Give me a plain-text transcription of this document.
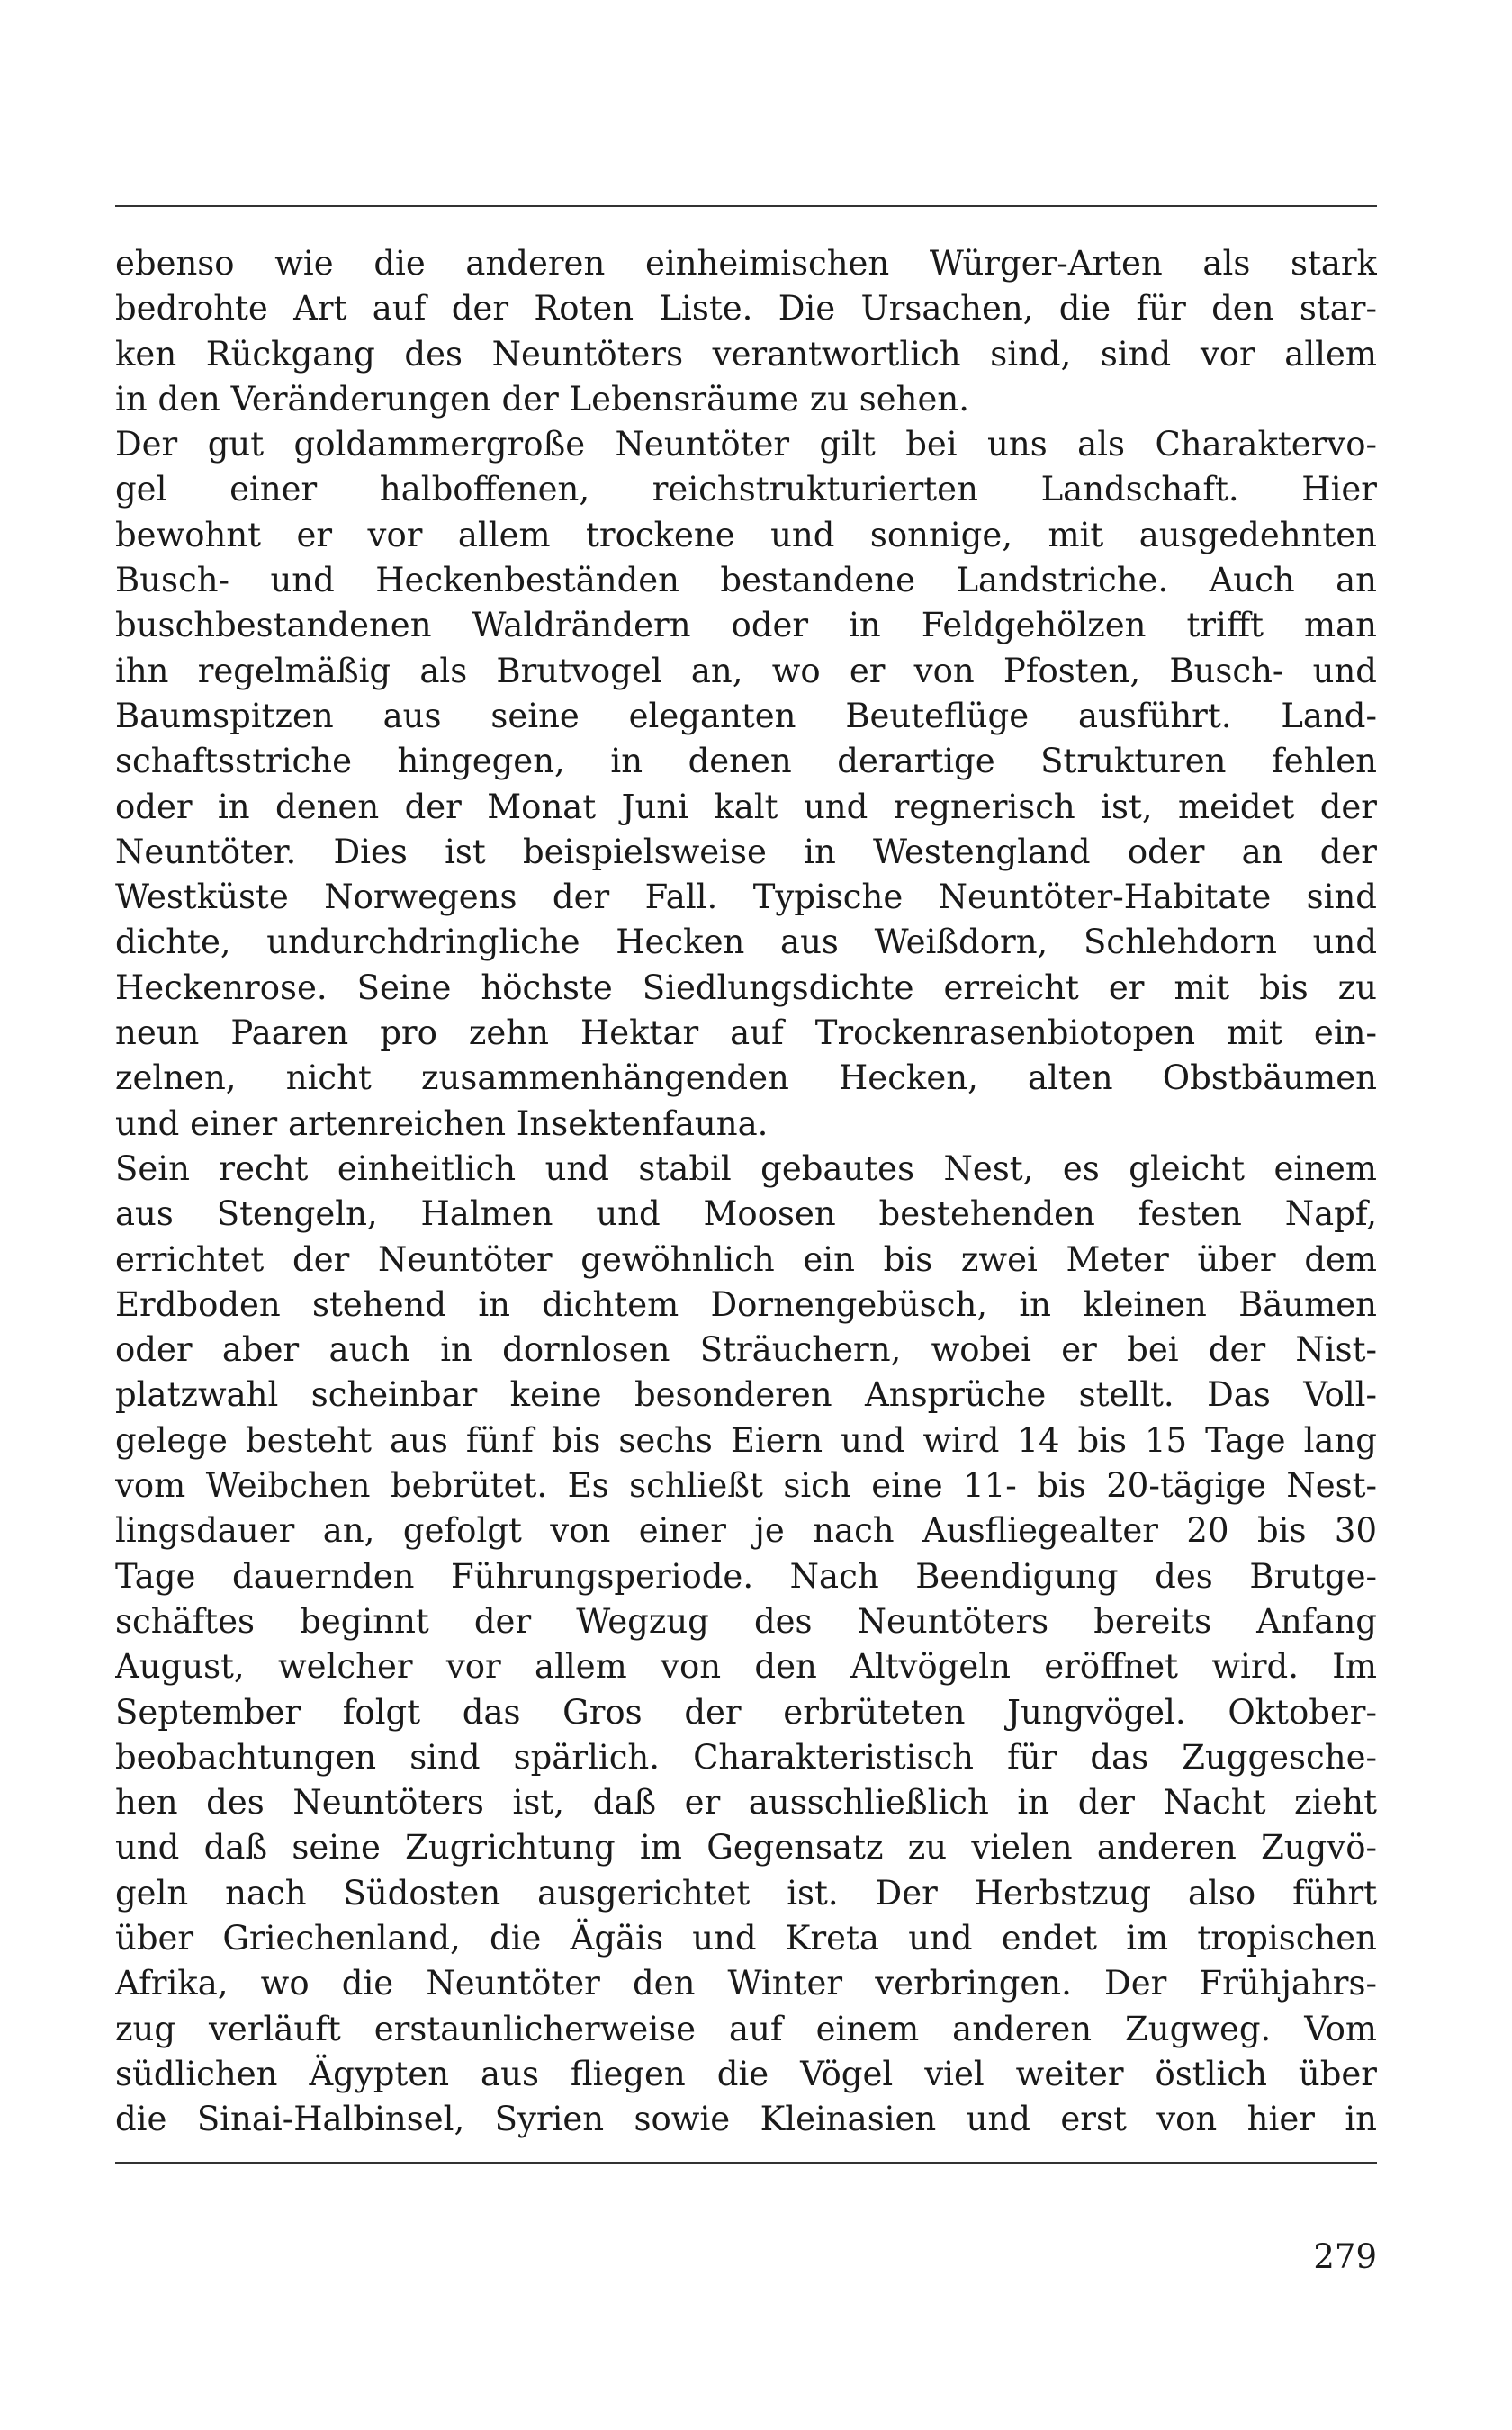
ebenso wie die anderen einheimischen Würger-Arten als stark
bedrohte Art auf der Roten Liste. Die Ursachen, die für den star-
ken Rückgang des Neuntöters verantwortlich sind, sind vor allem
in den Veränderungen der Lebensräume zu sehen.
Der gut goldammergroße Neuntöter gilt bei uns als Charaktervo-
gel einer halboffenen, reichstrukturierten Landschaft. Hier
bewohnt er vor allem trockene und sonnige, mit ausgedehnten
Busch- und Heckenbeständen bestandene Landstriche. Auch an
buschbestandenen Waldrändern oder in Feldgehölzen trifft man
ihn regelmäßig als Brutvogel an, wo er von Pfosten, Busch- und
Baumspitzen aus seine eleganten Beuteflüge ausführt. Land-
schaftsstriche hingegen, in denen derartige Strukturen fehlen
oder in denen der Monat Juni kalt und regnerisch ist, meidet der
Neuntöter. Dies ist beispielsweise in Westengland oder an der
Westküste Norwegens der Fall. Typische Neuntöter-Habitate sind
dichte, undurchdringliche Hecken aus Weißdorn, Schlehdorn und
Heckenrose. Seine höchste Siedlungsdichte erreicht er mit bis zu
neun Paaren pro zehn Hektar auf Trockenrasenbiotopen mit ein-
zelnen, nicht zusammenhängenden Hecken, alten Obstbäumen
und einer artenreichen Insektenfauna.
Sein recht einheitlich und stabil gebautes Nest, es gleicht einem
aus Stengeln, Halmen und Moosen bestehenden festen Napf,
errichtet der Neuntöter gewöhnlich ein bis zwei Meter über dem
Erdboden stehend in dichtem Dornengebüsch, in kleinen Bäumen
oder aber auch in dornlosen Sträuchern, wobei er bei der Nist-
platzwahl scheinbar keine besonderen Ansprüche stellt. Das Voll-
gelege besteht aus fünf bis sechs Eiern und wird 14 bis 15 Tage lang
vom Weibchen bebrütet. Es schließt sich eine 11- bis 20-tägige Nest-
lingsdauer an, gefolgt von einer je nach Ausfliegealter 20 bis 30
Tage dauernden Führungsperiode. Nach Beendigung des Brutge-
schäftes beginnt der Wegzug des Neuntöters bereits Anfang
August, welcher vor allem von den Altvögeln eröffnet wird. Im
September folgt das Gros der erbrüteten Jungvögel. Oktober-
beobachtungen sind spärlich. Charakteristisch für das Zuggesche-
hen des Neuntöters ist, daß er ausschließlich in der Nacht zieht
und daß seine Zugrichtung im Gegensatz zu vielen anderen Zugvö-
geln nach Südosten ausgerichtet ist. Der Herbstzug also führt
über Griechenland, die Ägäis und Kreta und endet im tropischen
Afrika, wo die Neuntöter den Winter verbringen. Der Frühjahrs-
zug verläuft erstaunlicherweise auf einem anderen Zugweg. Vom
südlichen Ägypten aus fliegen die Vögel viel weiter östlich über
die Sinai-Halbinsel, Syrien sowie Kleinasien und erst von hier in
279
